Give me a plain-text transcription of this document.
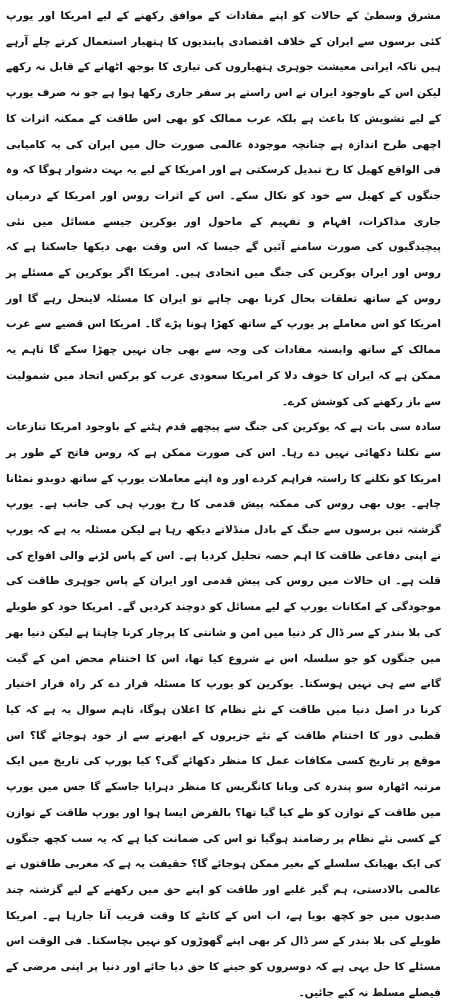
مشرق وسطیٰ کے حالات کو اپنے مفادات کے موافق رکھنے کے لیے امریکا اور یورپ کئی برسوں سے ایران کے خلاف اقتصادی پابندیوں کا ہتھیار استعمال کرتے چلے آرہے ہیں تاکہ ایرانی معیشت جوہری ہتھیاروں کی تیاری کا بوجھ اٹھانے کے قابل نہ رکھے لیکن اس کے باوجود ایران نے اس راستے پر سفر جاری رکھا ہوا ہے جو نہ صرف یورپ کے لیے تشویش کا باعث ہے بلکہ عرب ممالک کو بھی اس طاقت کے ممکنہ اثرات کا اچھی طرح اندازہ ہے چنانچہ موجودہ عالمی صورت حال میں ایران کی یہ کامیابی فی الواقع کھیل کا رخ تبدیل کرسکتی ہے اور امریکا کے لیے یہ بہت دشوار ہوگا کہ وہ جنگوں کے کھیل سے خود کو نکال سکے۔ اس کے اثرات روس اور امریکا کے درمیان جاری مذاکرات، افہام و تفہیم کے ماحول اور یوکرین جیسے مسائل میں نئی پیچیدگیوں کی صورت سامنے آئیں گے جیسا کہ اس وقت بھی دیکھا جاسکتا ہے کہ روس اور ایران یوکرین کی جنگ میں اتحادی ہیں۔ امریکا اگر یوکرین کے مسئلے پر روس کے ساتھ تعلقات بحال کرنا بھی چاہے تو ایران کا مسئلہ لاینحل رہے گا اور امریکا کو اس معاملے پر یورپ کے ساتھ کھڑا ہونا پڑے گا۔ امریکا اس قضیے سے عرب ممالک کے ساتھ وابستہ مفادات کی وجہ سے بھی جان نہیں چھڑا سکے گا تاہم یہ ممکن ہے کہ ایران کا خوف دلا کر امریکا سعودی عرب کو برکس اتحاد میں شمولیت سے باز رکھنے کی کوشش کرے۔

سادہ سی بات ہے کہ یوکرین کی جنگ سے پیچھے قدم ہٹنے کے باوجود امریکا تنازعات سے نکلتا دکھائی نہیں دے رہا۔ اس کی صورت ممکن ہے کہ روس فاتح کے طور پر امریکا کو نکلنے کا راستہ فراہم کردے اور وہ اپنے معاملات یورپ کے ساتھ دوبدو نمٹانا چاہے۔ یوں بھی روس کی ممکنہ پیش قدمی کا رخ یورپ ہی کی جانب ہے۔ یورپ گزشتہ تین برسوں سے جنگ کے بادل منڈلاتے دیکھ رہا ہے لیکن مسئلہ یہ ہے کہ یورپ نے اپنی دفاعی طاقت کا اہم حصہ تحلیل کردیا ہے۔ اس کے پاس لڑنے والی افواج کی قلت ہے۔ ان حالات میں روس کی پیش قدمی اور ایران کے پاس جوہری طاقت کی موجودگی کے امکانات یورپ کے لیے مسائل کو دوچند کردیں گے۔ امریکا خود کو طویلے کی بلا بندر کے سر ڈال کر دنیا میں امن و شانتی کا پرچار کرنا چاہتا ہے لیکن دنیا بھر میں جنگوں کو جو سلسلہ اس نے شروع کیا تھا، اس کا اختتام محض امن کے گیت گانے سے ہی نہیں ہوسکتا۔ یوکرین کو یورپ کا مسئلہ قرار دے کر راہ فرار اختیار کرنا در اصل دنیا میں طاقت کے نئے نظام کا اعلان ہوگا، تاہم سوال یہ ہے کہ کیا قطبی دور کا اختتام طاقت کے نئے جزیروں کے ابھرنے سے از خود ہوجائے گا؟ اس موقع پر تاریخ کسی مکافات عمل کا منظر دکھائے گی؟ کیا یورپ کی تاریخ میں ایک مرتبہ اٹھارہ سو پندرہ کی ویانا کانگریس کا منظر دہرایا جاسکے گا جس میں یورپ میں طاقت کے توازن کو طے کیا گیا تھا؟ بالفرض ایسا ہوا اور یورپ طاقت کے توازن کے کسی نئے نظام پر رضامند ہوگیا تو اس کی ضمانت کیا ہے کہ یہ سب کچھ جنگوں کی ایک بھیانک سلسلے کے بغیر ممکن ہوجائے گا؟ حقیقت یہ ہے کہ مغربی طاقتوں نے عالمی بالادستی، ہم گیر غلبے اور طاقت کو اپنے حق میں رکھنے کے لیے گزشتہ چند صدیوں میں جو کچھ بویا ہے، اب اس کے کانٹے کا وقت قریب آتا جارہا ہے۔ امریکا طویلے کی بلا بندر کے سر ڈال کر بھی اپنے گھوڑوں کو نہیں بچاسکتا۔ فی الوقت اس مسئلے کا حل یہی ہے کہ دوسروں کو جینے کا حق دیا جائے اور دنیا پر اپنی مرضی کے فیصلے مسلط نہ کیے جائیں۔
